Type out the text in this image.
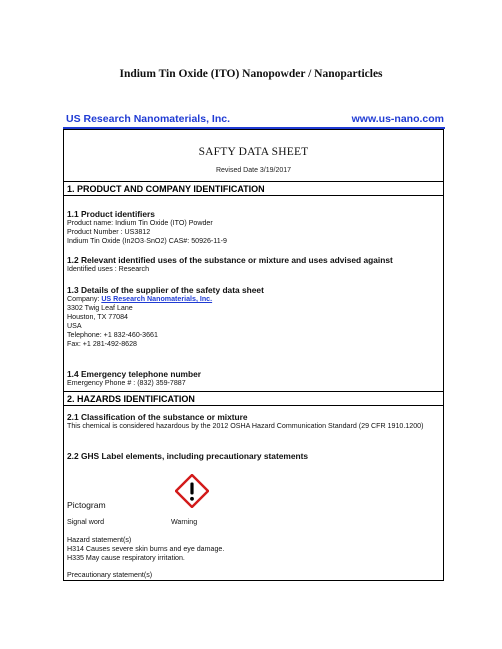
Indium Tin Oxide (ITO) Nanopowder / Nanoparticles
US Research Nanomaterials, Inc.	www.us-nano.com
SAFTY DATA SHEET
Revised Date 3/19/2017
1. PRODUCT AND COMPANY IDENTIFICATION
1.1 Product identifiers
Product name: Indium Tin Oxide (ITO) Powder
Product Number : US3812
Indium Tin Oxide (In2O3·SnO2) CAS#: 50926-11-9
1.2 Relevant identified uses of the substance or mixture and uses advised against
Identified uses : Research
1.3 Details of the supplier of the safety data sheet
Company: US Research Nanomaterials, Inc.
3302 Twig Leaf Lane
Houston, TX 77084
USA
Telephone: +1 832-460-3661
Fax: +1 281-492-8628
1.4 Emergency telephone number
Emergency Phone # : (832) 359-7887
2. HAZARDS IDENTIFICATION
2.1 Classification of the substance or mixture
This chemical is considered hazardous by the 2012 OSHA Hazard Communication Standard (29 CFR 1910.1200)
2.2 GHS Label elements, including precautionary statements
Pictogram
Signal word	Warning
Hazard statement(s)
H314 Causes severe skin burns and eye damage.
H335 May cause respiratory irritation.
Precautionary statement(s)
